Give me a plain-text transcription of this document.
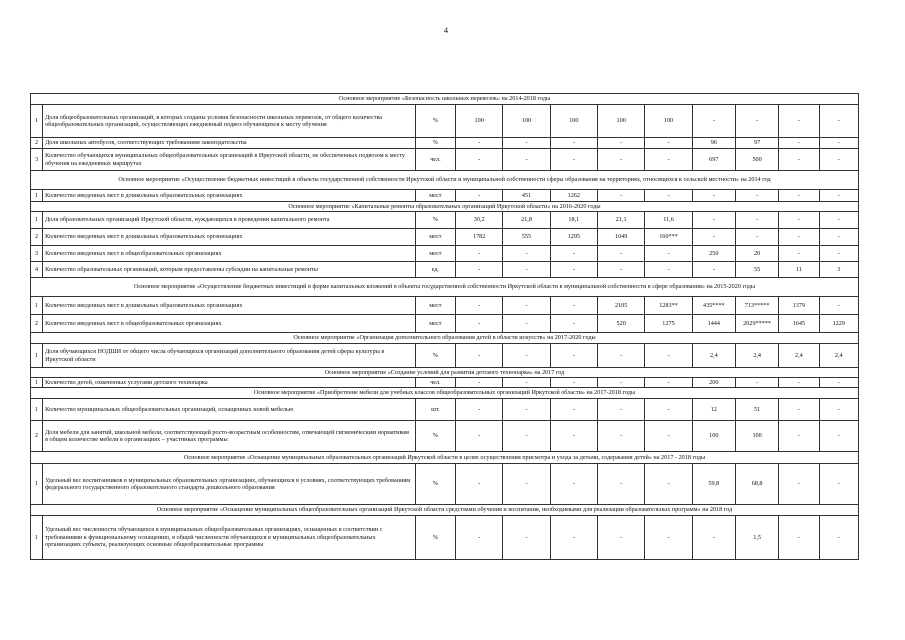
4
Основное мероприятие «Безопасность школьных перевозок» на 2014-2018 годы											
1	Доля общеобразовательных организаций, в которых созданы условия безопасности школьных перевозок, от общего количества общеобразовательных организаций, осуществляющих ежедневный подвоз обучающихся к месту обучения	%	100	100	100	100	100	-	-	-	-
2	Доля школьных автобусов, соответствующих требованиям законодательства	%	-	-	-	-	-	96	97	-	-
3	Количество обучающихся муниципальных общеобразовательных организаций в Иркутской области, не обеспеченных подвозом к месту обучения на ежедневных маршрутах	чел.	-	-	-	-	-	697	500	-	-
Основное мероприятие «Осуществление бюджетных инвестиций в объекты государственной собственности Иркутской области и муниципальной собственности сферы образования на территориях, относящихся к сельской местности» на 2014 год											
1	Количество введенных мест в дошкольных образовательных организациях	мест	-	451	1262	-	-	-	-	-	-
Основное мероприятие «Капитальные ремонты образовательных организаций Иркутской области» на 2016-2020 годы											
1	Доля образовательных организаций Иркутской области, нуждающихся в проведении капитального ремонта	%	30,2	21,8	18,1	21,1	11,6	-	-	-	-
2	Количество введенных мест в дошкольных образовательных организациях	мест	1782	555	1295	1049	160***	-	-	-	-
3	Количество введенных мест в общеобразовательных организациях	мест	-	-	-	-	-	250	20	-	-
4	Количество образовательных организаций, которым предоставлены субсидии на капитальные ремонты	ед.	-	-	-	-	-	-	55	11	3
Основное мероприятие «Осуществление бюджетных инвестиций в форме капитальных вложений в объекты государственной собственности Иркутской области в муниципальной собственности в сфере образования» на 2015-2020 годы											
1	Количество введенных мест в дошкольных образовательных организациях	мест	-	-	-	2105	1283**	435****	713*****	1379	-
2	Количество введенных мест в общеобразовательных организациях	мест	-	-	-	520	1275	1444	2029*****	1645	1229
Основное мероприятие «Организация дополнительного образования детей в области искусств» на 2017-2020 годы											
1	Доля обучающихся НОДШИ от общего числа обучающихся организаций дополнительного образования детей сферы культуры в Иркутской области	%	-	-	-	-	-	2,4	2,4	2,4	2,4
Основное мероприятие «Создание условий для развития детского технопарка» на 2017 год											
1	Количество детей, охваченных услугами детского технопарка	чел.	-	-	-	-	-	200	-	-	-
Основное мероприятие «Приобретение мебели для учебных классов общеобразовательных организаций Иркутской области» на 2017-2018 годы											
1	Количество муниципальных общеобразовательных организаций, оснащенных новой мебелью	шт.	-	-	-	-	-	12	51	-	-
2	Доля мебели для занятий, школьной мебели, соответствующей росто-возрастным особенностям, отвечающей гигиеническим нормативам в общем количестве мебели в организациях – участниках программы	%	-	-	-	-	-	100	100	-	-
Основное мероприятие «Оснащение муниципальных образовательных организаций Иркутской области в целях осуществления присмотра и ухода за детьми, содержания детей» на 2017 - 2018 годы											
1	Удельный вес воспитанников в муниципальных образовательных организациях, обучающихся в условиях, соответствующих требованиям федерального государственного образовательного стандарта дошкольного образования	%	-	-	-	-	-	59,8	68,8	-	-
Основное мероприятие «Оснащение муниципальных общеобразовательных организаций Иркутской области средствами обучения и воспитания, необходимыми для реализации образовательных программ» на 2018 год											
1	Удельный вес численности обучающихся в муниципальных общеобразовательных организациях, оснащенных в соответствии с требованиями к функциональному оснащению, в общей численности обучающихся в муниципальных общеобразовательных организациях субъекта, реализующих основные общеобразовательные программы	%	-	-	-	-	-	-	1,5	-	-
